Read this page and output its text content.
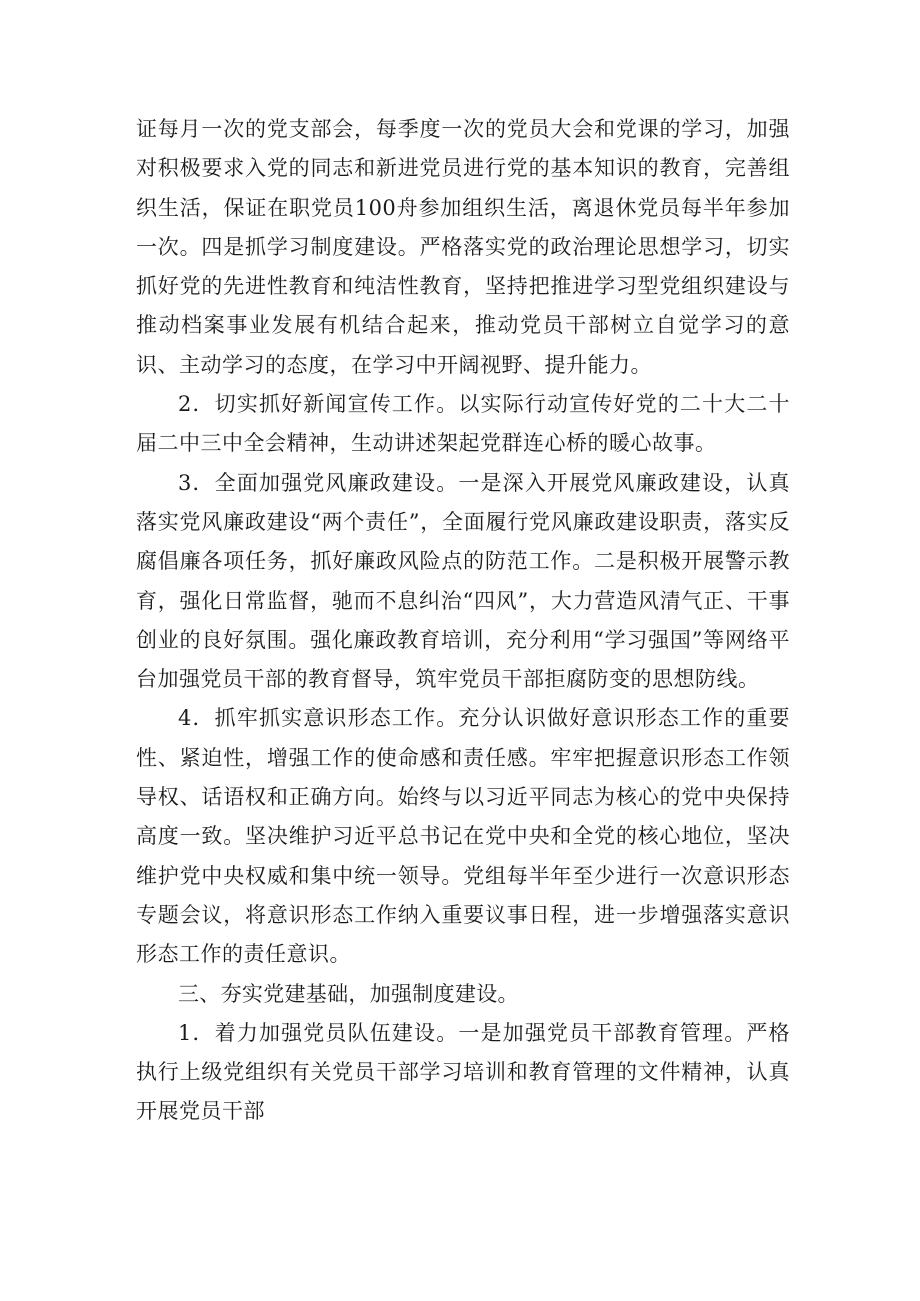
证每月一次的党支部会，每季度一次的党员大会和党课的学习，加强对积极要求入党的同志和新进党员进行党的基本知识的教育，完善组织生活，保证在职党员100舟参加组织生活，离退休党员每半年参加一次。四是抓学习制度建设。严格落实党的政治理论思想学习，切实抓好党的先进性教育和纯洁性教育，坚持把推进学习型党组织建设与推动档案事业发展有机结合起来，推动党员干部树立自觉学习的意识、主动学习的态度，在学习中开阔视野、提升能力。

2．切实抓好新闻宣传工作。以实际行动宣传好党的二十大二十届二中三中全会精神，生动讲述架起党群连心桥的暖心故事。

3．全面加强党风廉政建设。一是深入开展党风廉政建设，认真落实党风廉政建设“两个责任”，全面履行党风廉政建设职责，落实反腐倡廉各项任务，抓好廉政风险点的防范工作。二是积极开展警示教育，强化日常监督，驰而不息纠治“四风”，大力营造风清气正、干事创业的良好氛围。强化廉政教育培训，充分利用“学习强国”等网络平台加强党员干部的教育督导，筑牢党员干部拒腐防变的思想防线。

4．抓牢抓实意识形态工作。充分认识做好意识形态工作的重要性、紧迫性，增强工作的使命感和责任感。牢牢把握意识形态工作领导权、话语权和正确方向。始终与以习近平同志为核心的党中央保持高度一致。坚决维护习近平总书记在党中央和全党的核心地位，坚决维护党中央权威和集中统一领导。党组每半年至少进行一次意识形态专题会议，将意识形态工作纳入重要议事日程，进一步增强落实意识形态工作的责任意识。

三、夯实党建基础，加强制度建设。

1．着力加强党员队伍建设。一是加强党员干部教育管理。严格执行上级党组织有关党员干部学习培训和教育管理的文件精神，认真开展党员干部
